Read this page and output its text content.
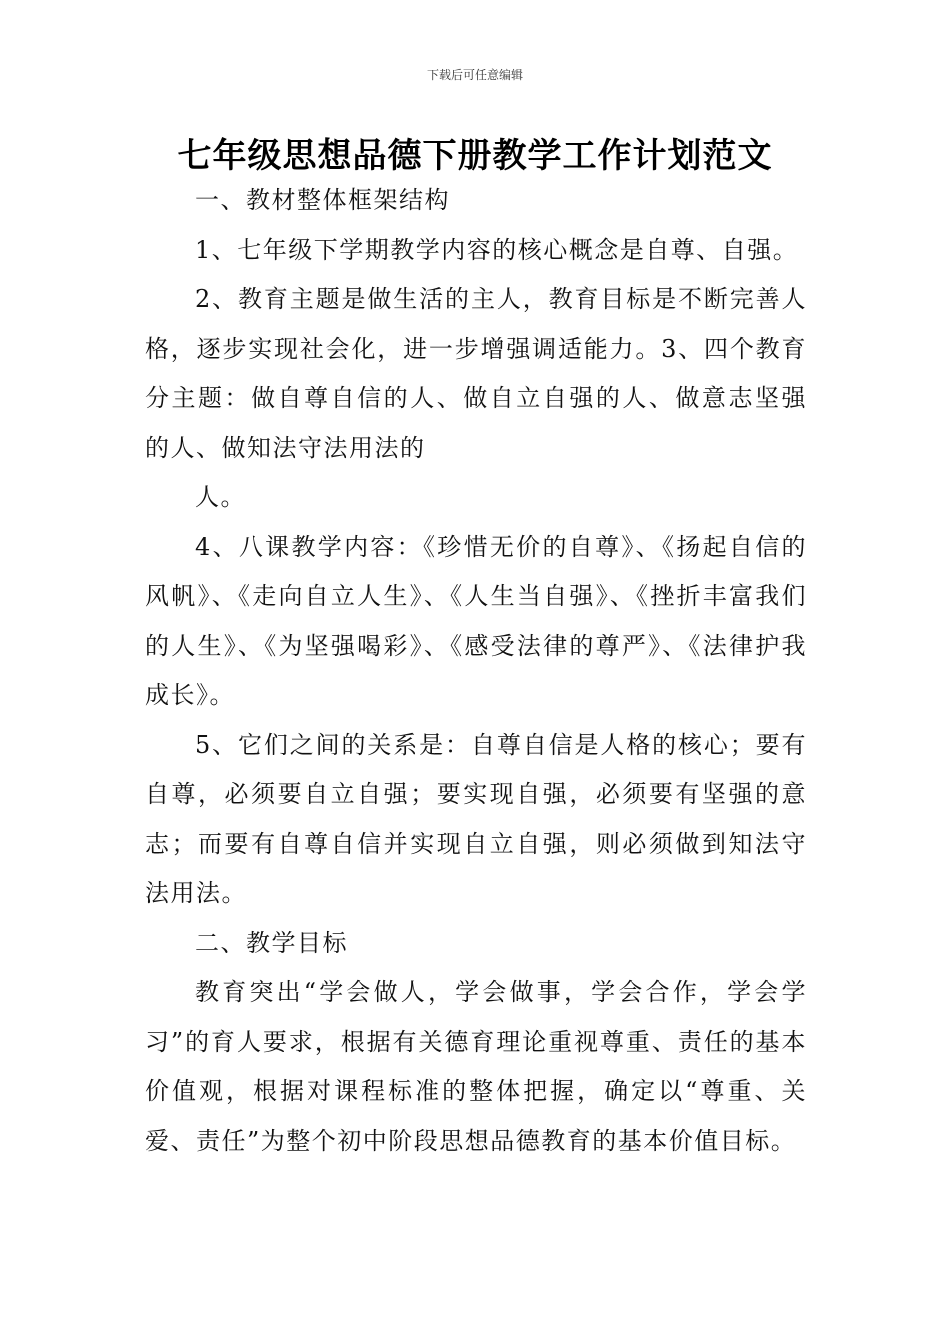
下载后可任意编辑
七年级思想品德下册教学工作计划范文

一、教材整体框架结构

1、七年级下学期教学内容的核心概念是自尊、自强。

2、教育主题是做生活的主人，教育目标是不断完善人格，逐步实现社会化，进一步增强调适能力。3、四个教育分主题：做自尊自信的人、做自立自强的人、做意志坚强的人、做知法守法用法的

人。

4、八课教学内容：《珍惜无价的自尊》、《扬起自信的风帆》、《走向自立人生》、《人生当自强》、《挫折丰富我们的人生》、《为坚强喝彩》、《感受法律的尊严》、《法律护我成长》。

5、它们之间的关系是：自尊自信是人格的核心；要有自尊，必须要自立自强；要实现自强，必须要有坚强的意志；而要有自尊自信并实现自立自强，则必须做到知法守法用法。

二、教学目标

教育突出“学会做人，学会做事，学会合作，学会学习”的育人要求，根据有关德育理论重视尊重、责任的基本价值观，根据对课程标准的整体把握，确定以“尊重、关爱、责任”为整个初中阶段思想品德教育的基本价值目标。
